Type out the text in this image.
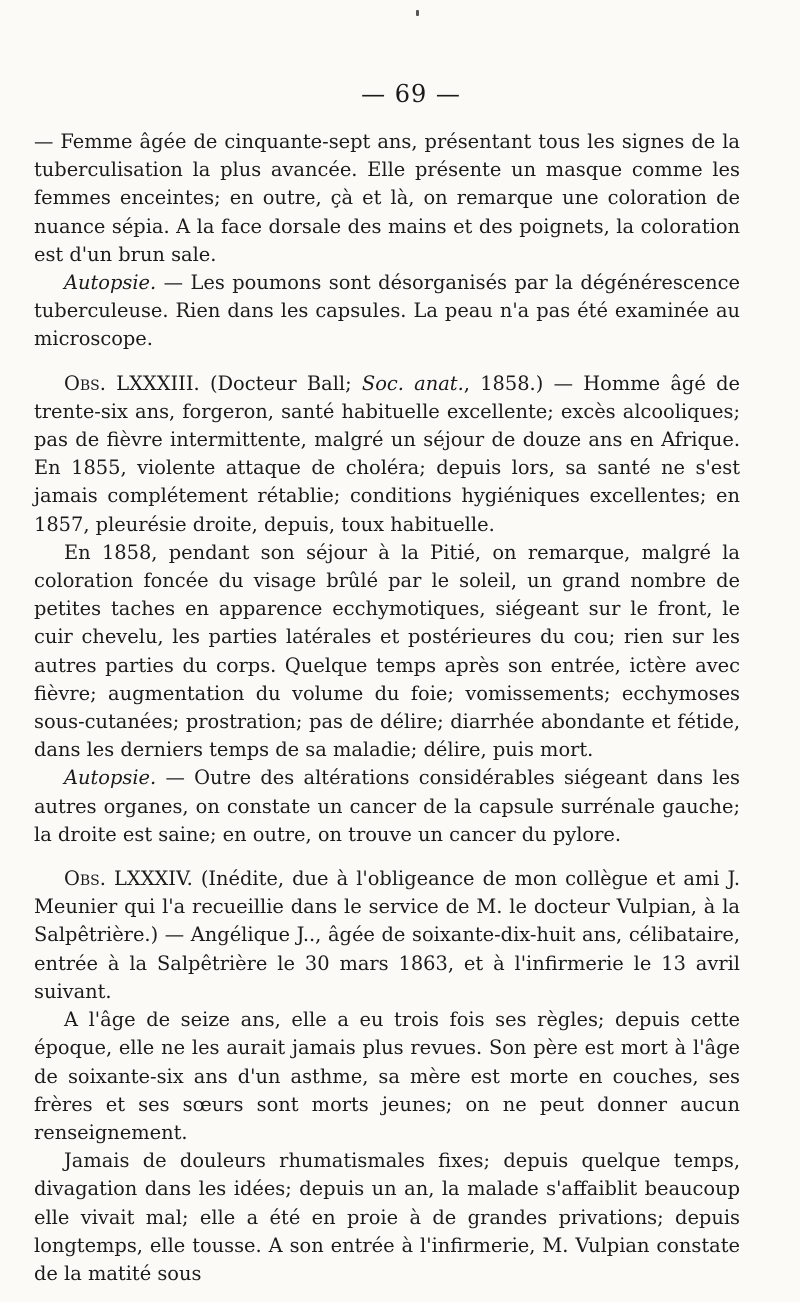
— 69 —

— Femme âgée de cinquante-sept ans, présentant tous les signes de la tuberculisation la plus avancée. Elle présente un masque comme les femmes enceintes; en outre, çà et là, on remarque une coloration de nuance sépia. A la face dorsale des mains et des poignets, la coloration est d'un brun sale.

Autopsie. — Les poumons sont désorganisés par la dégénérescence tuberculeuse. Rien dans les capsules. La peau n'a pas été examinée au microscope.

Obs. LXXXIII. (Docteur Ball; Soc. anat., 1858.) — Homme âgé de trente-six ans, forgeron, santé habituelle excellente; excès alcooliques; pas de fièvre intermittente, malgré un séjour de douze ans en Afrique. En 1855, violente attaque de choléra; depuis lors, sa santé ne s'est jamais complétement rétablie; conditions hygiéniques excellentes; en 1857, pleurésie droite, depuis, toux habituelle.

En 1858, pendant son séjour à la Pitié, on remarque, malgré la coloration foncée du visage brûlé par le soleil, un grand nombre de petites taches en apparence ecchymotiques, siégeant sur le front, le cuir chevelu, les parties latérales et postérieures du cou; rien sur les autres parties du corps. Quelque temps après son entrée, ictère avec fièvre; augmentation du volume du foie; vomissements; ecchymoses sous-cutanées; prostration; pas de délire; diarrhée abondante et fétide, dans les derniers temps de sa maladie; délire, puis mort.

Autopsie. — Outre des altérations considérables siégeant dans les autres organes, on constate un cancer de la capsule surrénale gauche; la droite est saine; en outre, on trouve un cancer du pylore.

Obs. LXXXIV. (Inédite, due à l'obligeance de mon collègue et ami J. Meunier qui l'a recueillie dans le service de M. le docteur Vulpian, à la Salpêtrière.) — Angélique J.., âgée de soixante-dix-huit ans, célibataire, entrée à la Salpêtrière le 30 mars 1863, et à l'infirmerie le 13 avril suivant.

A l'âge de seize ans, elle a eu trois fois ses règles; depuis cette époque, elle ne les aurait jamais plus revues. Son père est mort à l'âge de soixante-six ans d'un asthme, sa mère est morte en couches, ses frères et ses sœurs sont morts jeunes; on ne peut donner aucun renseignement.

Jamais de douleurs rhumatismales fixes; depuis quelque temps, divagation dans les idées; depuis un an, la malade s'affaiblit beaucoup elle vivait mal; elle a été en proie à de grandes privations; depuis longtemps, elle tousse. A son entrée à l'infirmerie, M. Vulpian constate de la matité sous
